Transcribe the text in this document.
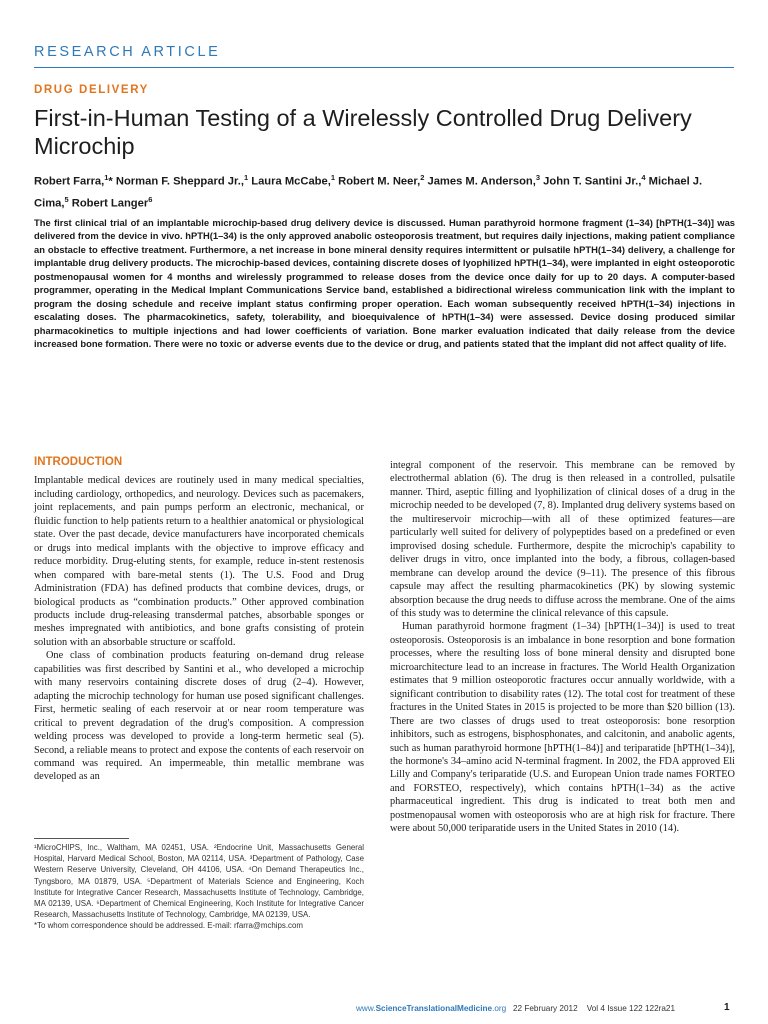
RESEARCH ARTICLE
DRUG DELIVERY
First-in-Human Testing of a Wirelessly Controlled Drug Delivery Microchip
Robert Farra,$^1$* Norman F. Sheppard Jr.,$^1$ Laura McCabe,$^1$ Robert M. Neer,$^2$ James M. Anderson,$^3$ John T. Santini Jr.,$^4$ Michael J. Cima,$^5$ Robert Langer$^6$
The first clinical trial of an implantable microchip-based drug delivery device is discussed. Human parathyroid hormone fragment (1–34) [hPTH(1–34)] was delivered from the device in vivo. hPTH(1–34) is the only approved anabolic osteoporosis treatment, but requires daily injections, making patient compliance an obstacle to effective treatment. Furthermore, a net increase in bone mineral density requires intermittent or pulsatile hPTH(1–34) delivery, a challenge for implantable drug delivery products. The microchip-based devices, containing discrete doses of lyophilized hPTH(1–34), were implanted in eight osteoporotic postmenopausal women for 4 months and wirelessly programmed to release doses from the device once daily for up to 20 days. A computer-based programmer, operating in the Medical Implant Communications Service band, established a bidirectional wireless communication link with the implant to program the dosing schedule and receive implant status confirming proper operation. Each woman subsequently received hPTH(1–34) injections in escalating doses. The pharmacokinetics, safety, tolerability, and bioequivalence of hPTH(1–34) were assessed. Device dosing produced similar pharmacokinetics to multiple injections and had lower coefficients of variation. Bone marker evaluation indicated that daily release from the device increased bone formation. There were no toxic or adverse events due to the device or drug, and patients stated that the implant did not affect quality of life.
INTRODUCTION

Implantable medical devices are routinely used in many medical specialties, including cardiology, orthopedics, and neurology. Devices such as pacemakers, joint replacements, and pain pumps perform an electronic, mechanical, or fluidic function to help patients return to a healthier anatomical or physiological state. Over the past decade, device manufacturers have incorporated chemicals or drugs into medical implants with the objective to improve efficacy and reduce morbidity. Drug-eluting stents, for example, reduce in-stent restenosis when compared with bare-metal stents (1). The U.S. Food and Drug Administration (FDA) has defined products that combine devices, drugs, or biological products as “combination products.” Other approved combination products include drug-releasing transdermal patches, absorbable sponges or meshes impregnated with antibiotics, and bone grafts consisting of protein solution with an absorbable structure or scaffold.

One class of combination products featuring on-demand drug release capabilities was first described by Santini et al., who developed a microchip with many reservoirs containing discrete doses of drug (2–4). However, adapting the microchip technology for human use posed significant challenges. First, hermetic sealing of each reservoir at or near room temperature was critical to prevent degradation of the drug's composition. A compression welding process was developed to provide a long-term hermetic seal (5). Second, a reliable means to protect and expose the contents of each reservoir on command was required. An impermeable, thin metallic membrane was developed as an

¹MicroCHIPS, Inc., Waltham, MA 02451, USA. ²Endocrine Unit, Massachusetts General Hospital, Harvard Medical School, Boston, MA 02114, USA. ³Department of Pathology, Case Western Reserve University, Cleveland, OH 44106, USA. ⁴On Demand Therapeutics Inc., Tyngsboro, MA 01879, USA. ⁵Department of Materials Science and Engineering, Koch Institute for Integrative Cancer Research, Massachusetts Institute of Technology, Cambridge, MA 02139, USA. ⁶Department of Chemical Engineering, Koch Institute for Integrative Cancer Research, Massachusetts Institute of Technology, Cambridge, MA 02139, USA.

*To whom correspondence should be addressed. E-mail: rfarra@mchips.com

integral component of the reservoir. This membrane can be removed by electrothermal ablation (6). The drug is then released in a controlled, pulsatile manner. Third, aseptic filling and lyophilization of clinical doses of a drug in the microchip needed to be developed (7, 8). Implanted drug delivery systems based on the multireservoir microchip—with all of these optimized features—are particularly well suited for delivery of polypeptides based on a predefined or even improvised dosing schedule. Furthermore, despite the microchip's capability to deliver drugs in vitro, once implanted into the body, a fibrous, collagen-based membrane can develop around the device (9–11). The presence of this fibrous capsule may affect the resulting pharmacokinetics (PK) by slowing systemic absorption because the drug needs to diffuse across the membrane. One of the aims of this study was to determine the clinical relevance of this capsule.

Human parathyroid hormone fragment (1–34) [hPTH(1–34)] is used to treat osteoporosis. Osteoporosis is an imbalance in bone resorption and bone formation processes, where the resulting loss of bone mineral density and disrupted bone microarchitecture lead to an increase in fractures. The World Health Organization estimates that 9 million osteoporotic fractures occur annually worldwide, with a significant contribution to disability rates (12). The total cost for treatment of these fractures in the United States in 2015 is projected to be more than $20 billion (13). There are two classes of drugs used to treat osteoporosis: bone resorption inhibitors, such as estrogens, bisphosphonates, and calcitonin, and anabolic agents, such as human parathyroid hormone [hPTH(1–84)] and teriparatide [hPTH(1–34)], the hormone's 34–amino acid N-terminal fragment. In 2002, the FDA approved Eli Lilly and Company's teriparatide (U.S. and European Union trade names FORTEO and FORSTEO, respectively), which contains hPTH(1–34) as the active pharmaceutical ingredient. This drug is indicated to treat both men and postmenopausal women with osteoporosis who are at high risk for fracture. There were about 50,000 teriparatide users in the United States in 2010 (14).

www.ScienceTranslationalMedicine.org 22 February 2012    Vol 4 Issue 122 122ra21	1
